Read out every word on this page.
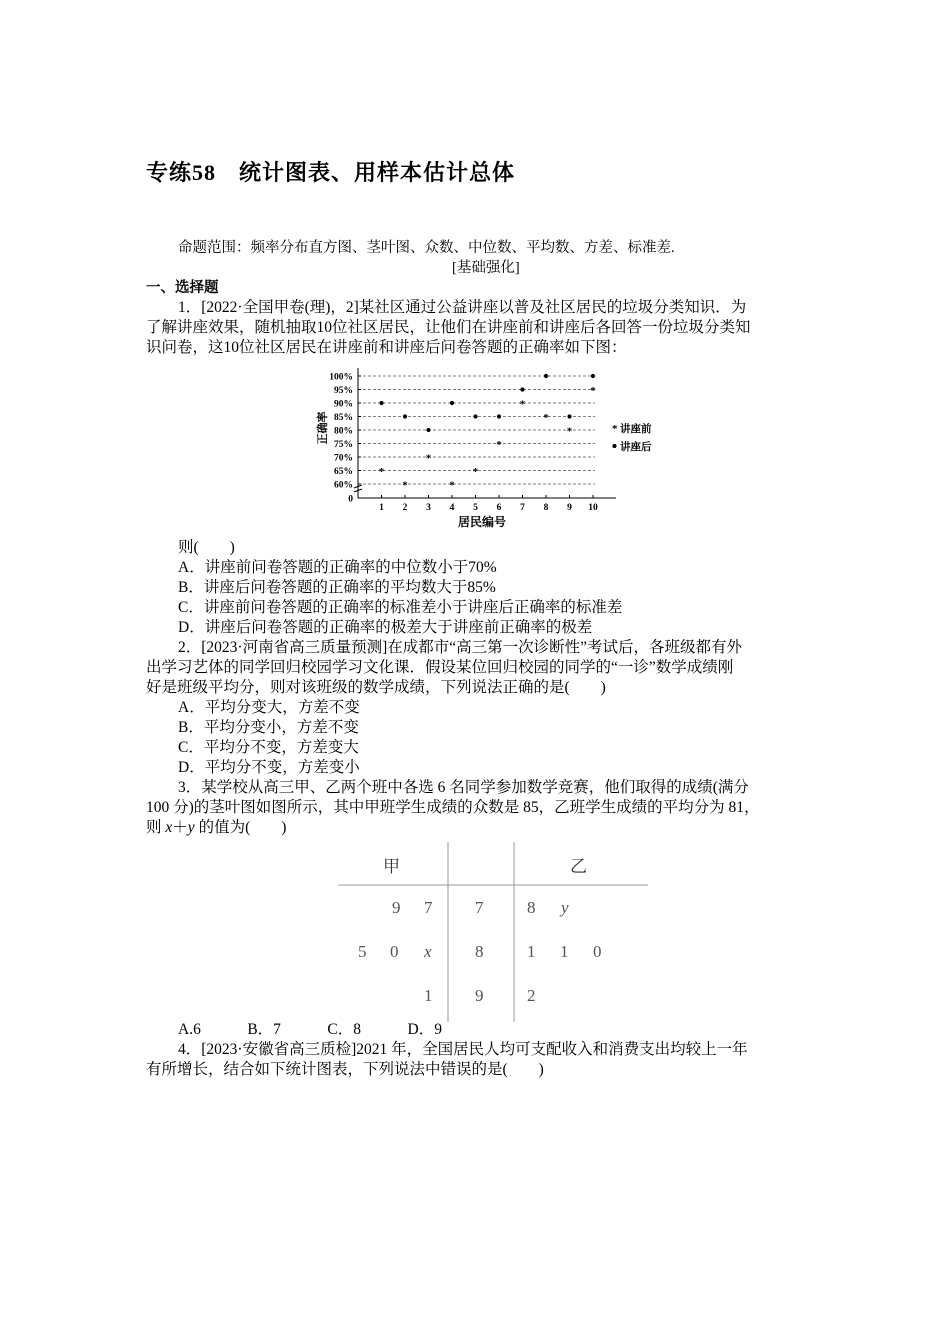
专练58　统计图表、用样本估计总体
命题范围：频率分布直方图、茎叶图、众数、中位数、平均数、方差、标准差.
[基础强化]
一、选择题
1．[2022·全国甲卷(理)，2]某社区通过公益讲座以普及社区居民的垃圾分类知识．为
了解讲座效果，随机抽取10位社区居民，让他们在讲座前和讲座后各回答一份垃圾分类知
识问卷，这10位社区居民在讲座前和讲座后问卷答题的正确率如下图：
0
60%
65%
70%
75%
80%
85%
90%
95%
100%
1 2 3 4 5 6 7 8 9 10
*
*
*
*
*
*
*
*
*
*
正确率
居民编号
* 讲座前
讲座后
则(　　)
A．讲座前问卷答题的正确率的中位数小于70%
B．讲座后问卷答题的正确率的平均数大于85%
C．讲座前问卷答题的正确率的标准差小于讲座后正确率的标准差
D．讲座后问卷答题的正确率的极差大于讲座前正确率的极差
2．[2023·河南省高三质量预测]在成都市“高三第一次诊断性”考试后，各班级都有外
出学习艺体的同学回归校园学习文化课．假设某位回归校园的同学的“一诊”数学成绩刚
好是班级平均分，则对该班级的数学成绩，下列说法正确的是(　　)
A．平均分变大，方差不变
B．平均分变小，方差不变
C．平均分不变，方差变大
D．平均分不变，方差变小
3．某学校从高三甲、乙两个班中各选 6 名同学参加数学竞赛，他们取得的成绩(满分
100 分)的茎叶图如图所示，其中甲班学生成绩的众数是 85，乙班学生成绩的平均分为 81，
则 x＋y 的值为(　　)
甲	乙
9 7	7	8 y
5 0 x	8	1 1 0
1	9	2
A.6　　　B．7　　　C．8　　　D．9
4．[2023·安徽省高三质检]2021 年，全国居民人均可支配收入和消费支出均较上一年
有所增长，结合如下统计图表，下列说法中错误的是(　　)
